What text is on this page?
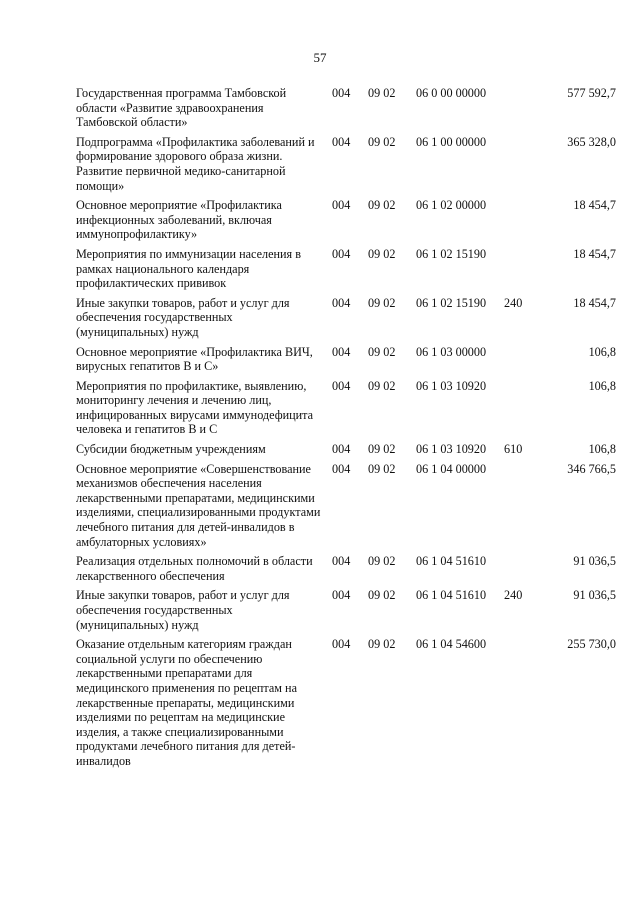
57
Государственная программа Тамбовской области «Развитие здравоохранения Тамбовской области»	004	09 02	06 0 00 00000		577 592,7
Подпрограмма «Профилактика заболеваний и формирование здорового образа жизни. Развитие первичной медико-санитарной помощи»	004	09 02	06 1 00 00000		365 328,0
Основное мероприятие «Профилактика инфекционных заболеваний, включая иммунопрофилактику»	004	09 02	06 1 02 00000		18 454,7
Мероприятия по иммунизации населения в рамках национального календаря профилактических прививок	004	09 02	06 1 02 15190		18 454,7
Иные закупки товаров, работ и услуг для обеспечения государственных (муниципальных) нужд	004	09 02	06 1 02 15190	240	18 454,7
Основное мероприятие «Профилактика ВИЧ, вирусных гепатитов В и С»	004	09 02	06 1 03 00000		106,8
Мероприятия по профилактике, выявлению, мониторингу лечения и лечению лиц, инфицированных вирусами иммунодефицита человека и гепатитов В и С	004	09 02	06 1 03 10920		106,8
Субсидии бюджетным учреждениям	004	09 02	06 1 03 10920	610	106,8
Основное мероприятие «Совершенствование механизмов обеспечения населения лекарственными препаратами, медицинскими изделиями, специализированными продуктами лечебного питания для детей-инвалидов в амбулаторных условиях»	004	09 02	06 1 04 00000		346 766,5
Реализация отдельных полномочий в области лекарственного обеспечения	004	09 02	06 1 04 51610		91 036,5
Иные закупки товаров, работ и услуг для обеспечения государственных (муниципальных) нужд	004	09 02	06 1 04 51610	240	91 036,5
Оказание отдельным категориям граждан социальной услуги по обеспечению лекарственными препаратами для медицинского применения по рецептам на лекарственные препараты, медицинскими изделиями по рецептам на медицинские изделия, а также специализированными продуктами лечебного питания для детей-инвалидов	004	09 02	06 1 04 54600		255 730,0
